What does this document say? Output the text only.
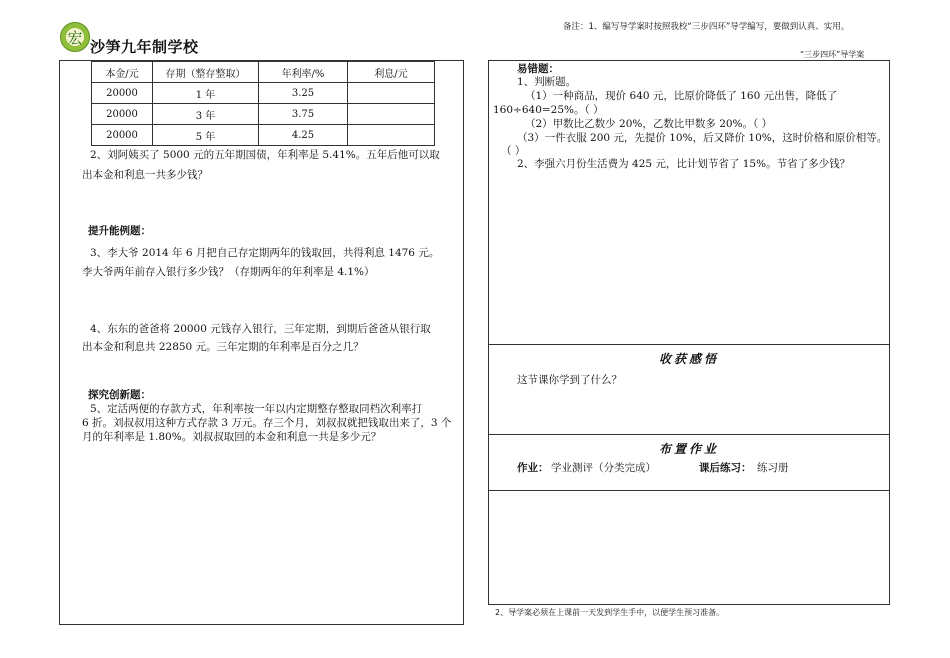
宏 沙笋九年制学校
备注：1、编写导学案时按照我校“三步四环”导学编写，要做到认真、实用。
“三步四环”导学案
本金/元	存期（整存整取）	年利率/%	利息/元
20000	1 年	3.25	
20000	3 年	3.75	
20000	5 年	4.25	
2、刘阿姨买了 5000 元的五年期国债，年利率是 5.41%。五年后他可以取
出本金和利息一共多少钱？
提升能例题：
3、李大爷 2014 年 6 月把自己存定期两年的钱取回，共得利息 1476 元。
李大爷两年前存入银行多少钱？（存期两年的年利率是 4.1%）
4、东东的爸爸将 20000 元钱存入银行，三年定期，到期后爸爸从银行取
出本金和利息共 22850 元。三年定期的年利率是百分之几？
探究创新题：
5、定活两便的存款方式，年利率按一年以内定期整存整取同档次利率打
6 折。刘叔叔用这种方式存款 3 万元。存三个月，刘叔叔就把钱取出来了，3 个
月的年利率是 1.80%。刘叔叔取回的本金和利息一共是多少元？
易错题：
1、判断题。
（1）一种商品，现价 640 元，比原价降低了 160 元出售，降低了
160÷640=25%。（ ）
（2）甲数比乙数少 20%，乙数比甲数多 20%。（ ）
（3）一件衣服 200 元，先提价 10%，后又降价 10%，这时价格和原价相等。
（ ）
2、李强六月份生活费为 425 元，比计划节省了 15%。节省了多少钱？
收获感悟
这节课你学到了什么？
布置作业
作业： 学业测评（分类完成）	课后练习： 练习册
2、导学案必须在上课前一天发到学生手中，以便学生预习准备。
